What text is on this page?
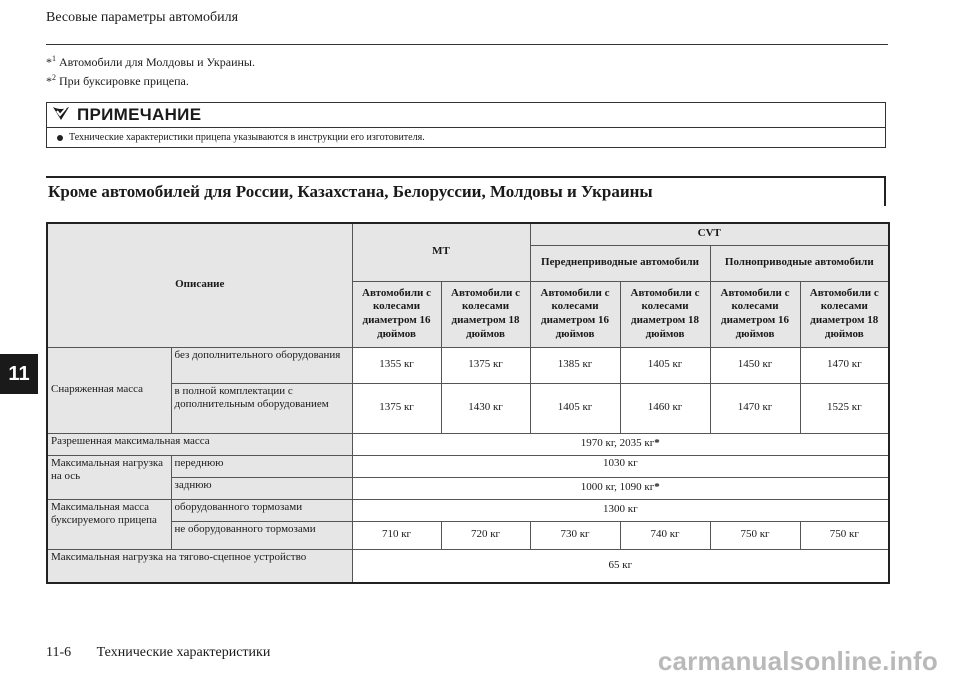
Весовые параметры автомобиля
*$^1$ Автомобили для Молдовы и Украины.
*$^2$ При буксировке прицепа.
ПРИМЕЧАНИЕ
Технические характеристики прицепа указываются в инструкции его изготовителя.
Кроме автомобилей для России, Казахстана, Белоруссии, Молдовы и Украины
11
Описание		MT		CVT			
				Переднеприводные автомобили		Полноприводные автомобили	
		Автомобили с колесами диаметром 16 дюймов	Автомобили с колесами диаметром 18 дюймов	Автомобили с колесами диаметром 16 дюймов	Автомобили с колесами диаметром 18 дюймов	Автомобили с колесами диаметром 16 дюймов	Автомобили с колесами диаметром 18 дюймов
Снаряженная масса	без дополнительного оборудования	1355 кг	1375 кг	1385 кг	1405 кг	1450 кг	1470 кг
	в полной комплектации с дополнительным оборудованием	1375 кг	1430 кг	1405 кг	1460 кг	1470 кг	1525 кг
Разрешенная максимальная масса		1970 кг, 2035 кг*					
Максимальная нагрузка на ось	переднюю	1030 кг					
	заднюю	1000 кг, 1090 кг*					
Максимальная масса буксируемого прицепа	оборудованного тормозами	1300 кг					
	не оборудованного тормозами	710 кг	720 кг	730 кг	740 кг	750 кг	750 кг
Максимальная нагрузка на тягово-сцепное устройство		65 кг					
11-6 Технические характеристики	carmanualsonline.info
